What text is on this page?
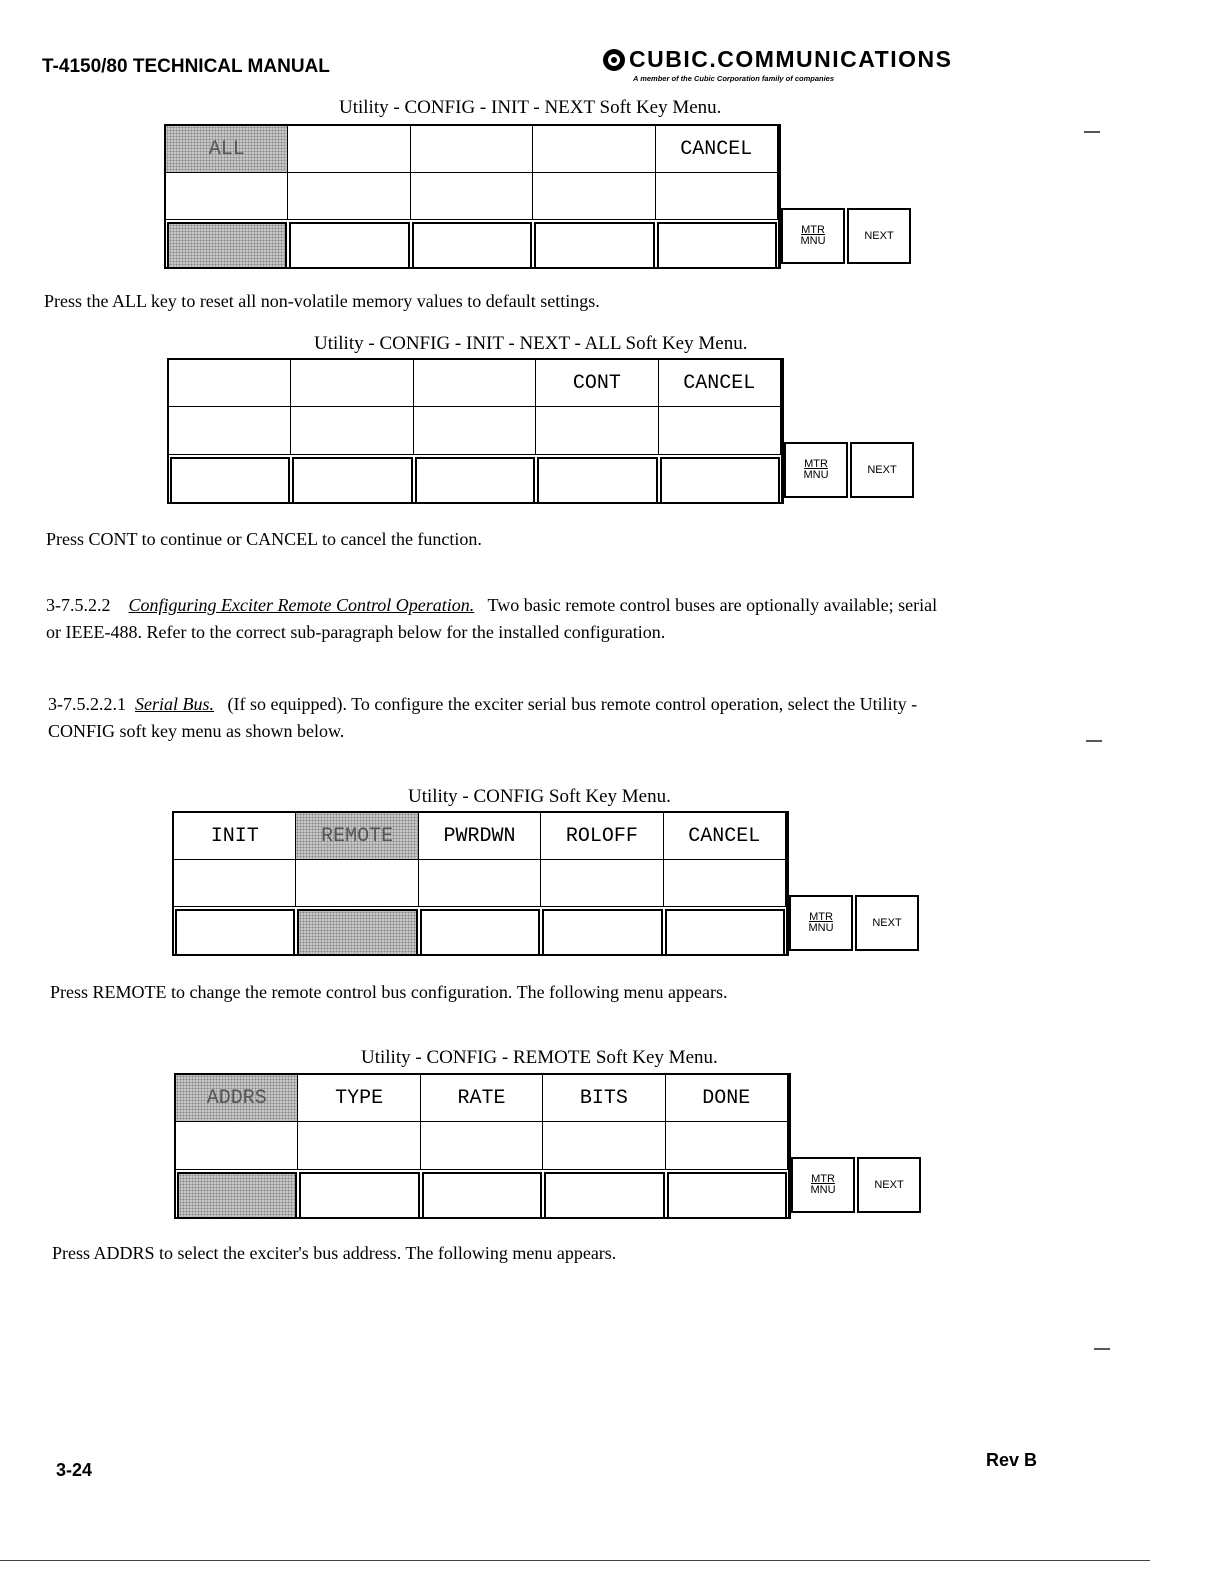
T-4150/80 TECHNICAL MANUAL	CUBIC.COMMUNICATIONS
A member of the Cubic Corporation family of companies
Utility - CONFIG - INIT - NEXT Soft Key Menu.
ALL	CANCEL
MTR
MNU	NEXT
Press the ALL key to reset all non-volatile memory values to default settings.
Utility - CONFIG - INIT - NEXT - ALL Soft Key Menu.
CONT	CANCEL
MTR
MNU	NEXT
Press CONT to continue or CANCEL to cancel the function.
3-7.5.2.2 Configuring Exciter Remote Control Operation. Two basic remote control buses are optionally available; serial
or IEEE-488. Refer to the correct sub-paragraph below for the installed configuration.
3-7.5.2.2.1 Serial Bus. (If so equipped). To configure the exciter serial bus remote control operation, select the Utility -
CONFIG soft key menu as shown below.
Utility - CONFIG Soft Key Menu.
INIT	REMOTE	PWRDWN	ROLOFF	CANCEL
MTR
MNU	NEXT
Press REMOTE to change the remote control bus configuration. The following menu appears.
Utility - CONFIG - REMOTE Soft Key Menu.
ADDRS	TYPE	RATE	BITS	DONE
MTR
MNU	NEXT
Press ADDRS to select the exciter's bus address. The following menu appears.
3-24	Rev B
